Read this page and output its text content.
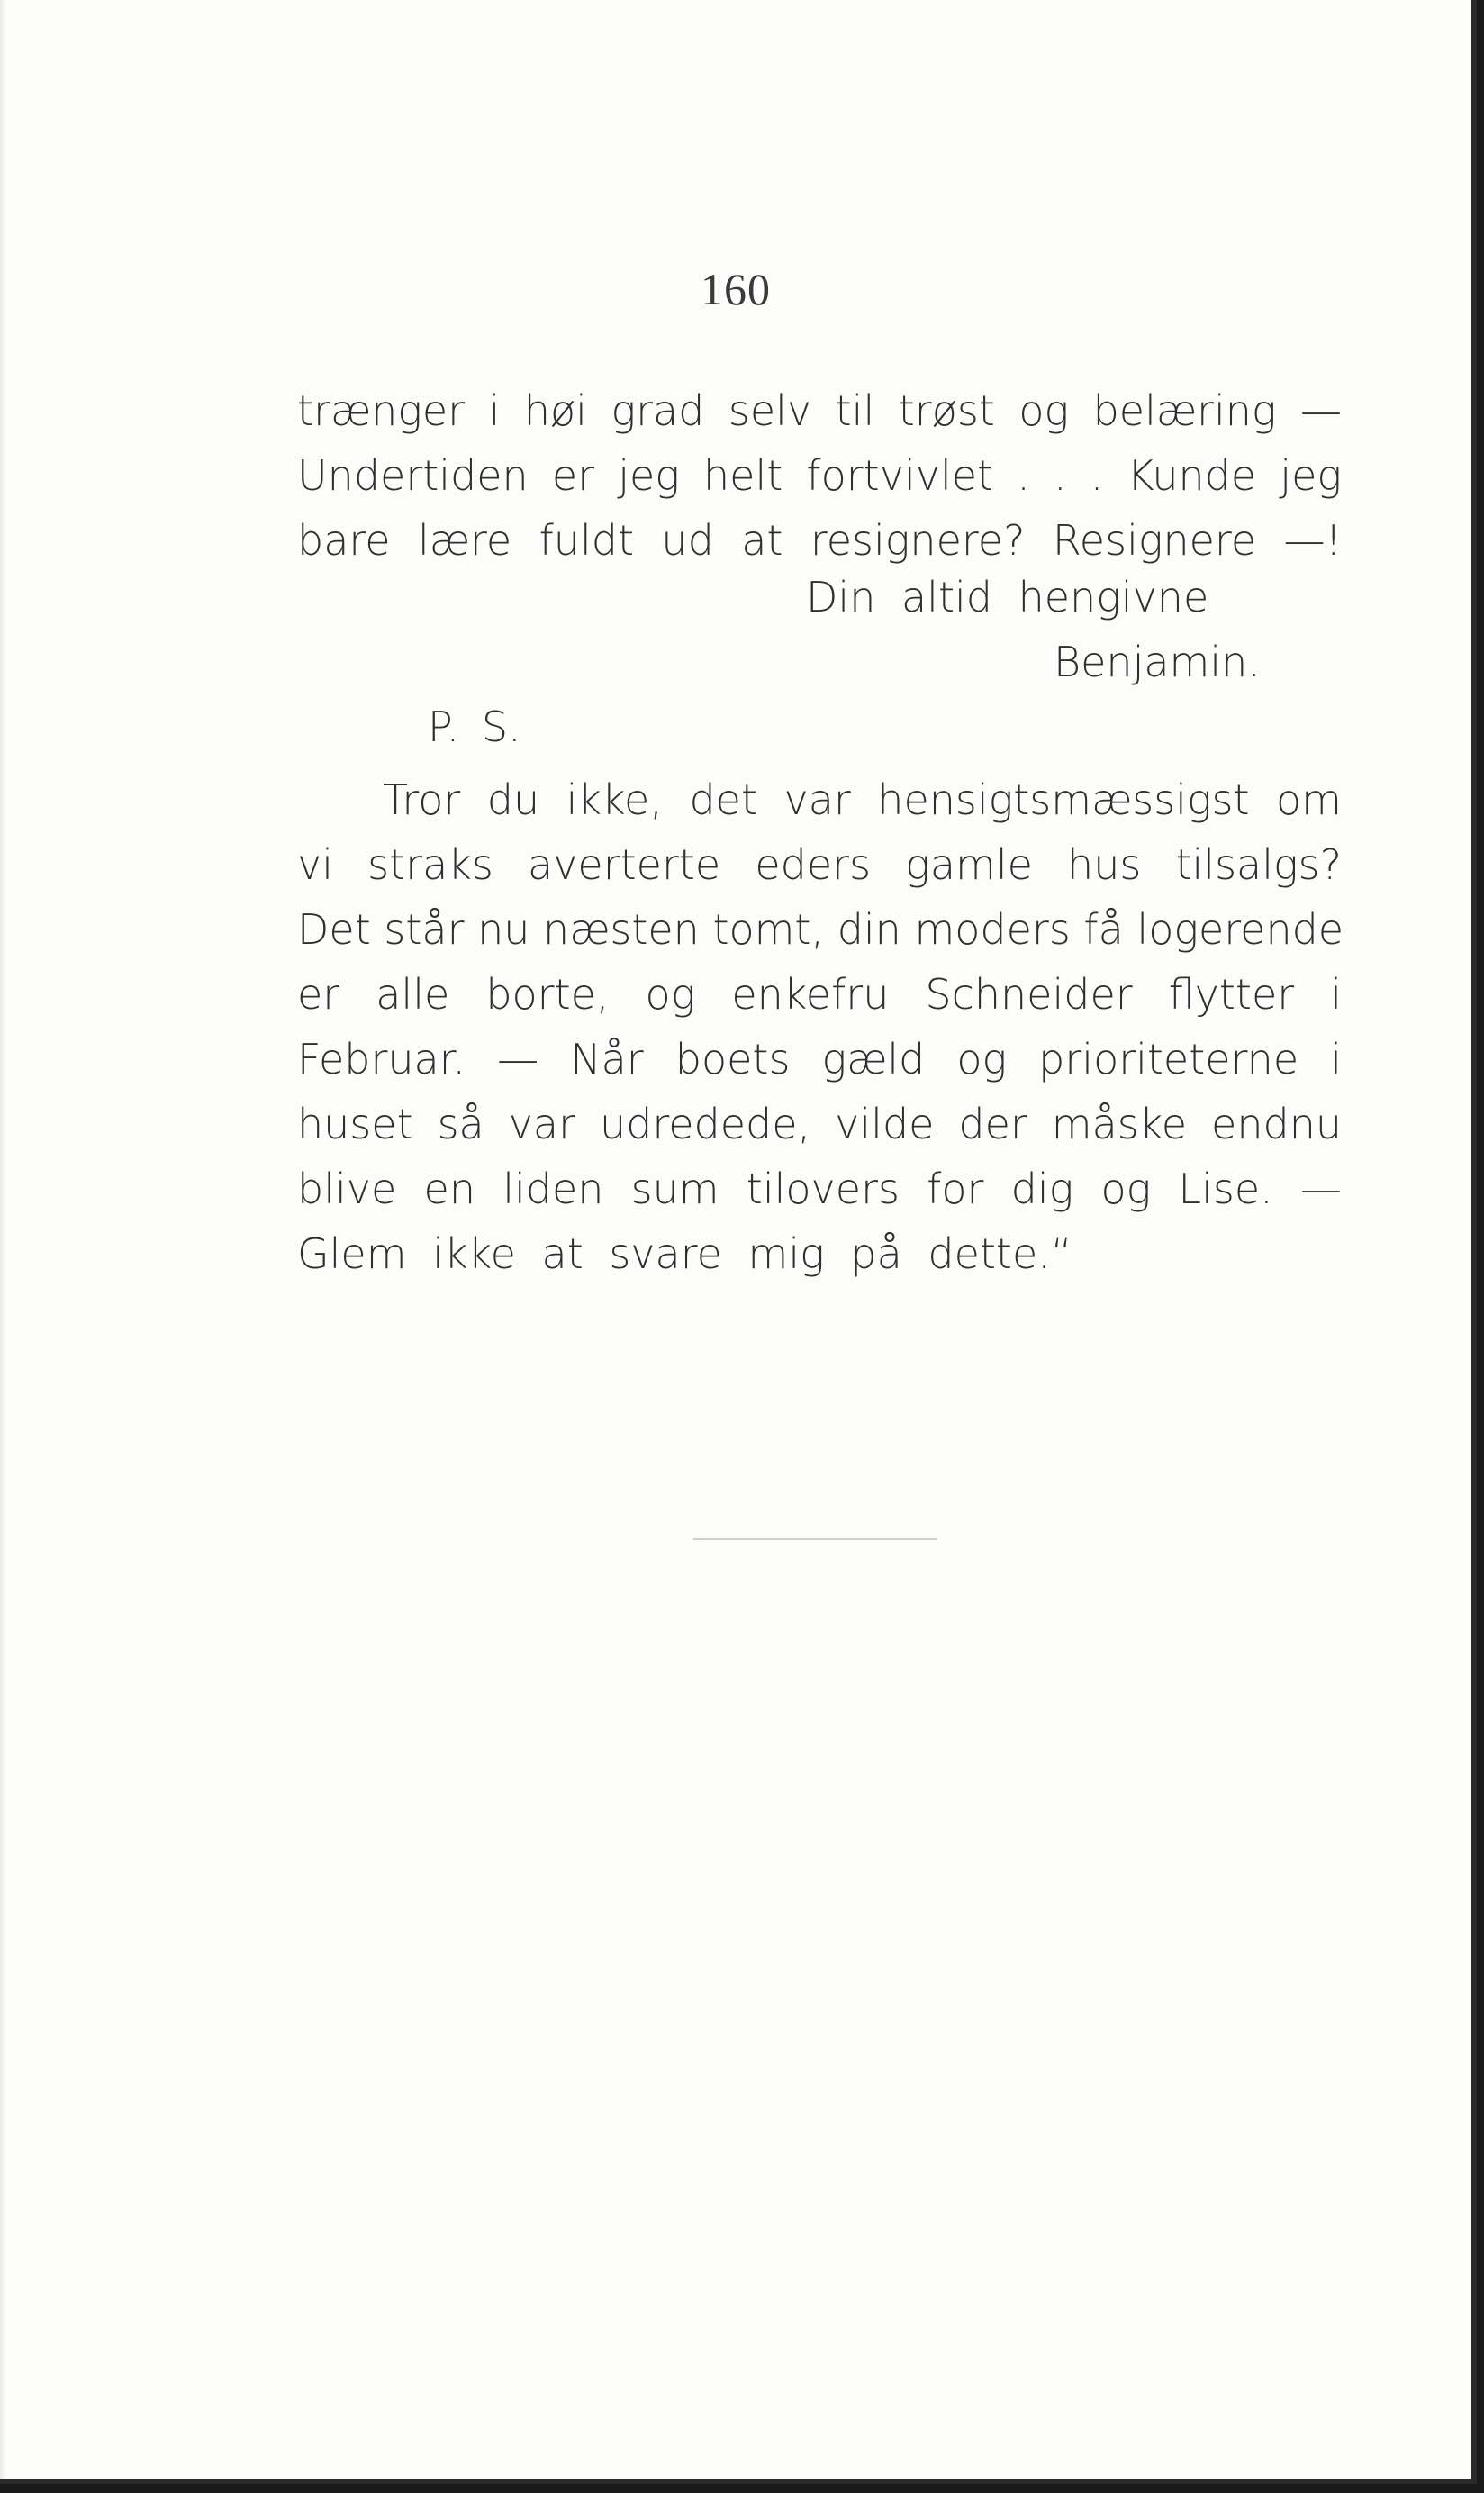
160
trænger i høi grad selv til trøst og belæring —
Undertiden er jeg helt fortvivlet . . . Kunde jeg
bare lære fuldt ud at resignere? Resignere —!
Din altid hengivne
Benjamin.
P. S.
Tror du ikke, det var hensigtsmæssigst om
vi straks averterte eders gamle hus tilsalgs?
Det står nu næsten tomt, din moders få logerende
er alle borte, og enkefru Schneider flytter i
Februar. — Når boets gæld og prioriteterne i
huset så var udredede, vilde der måske endnu
blive en liden sum tilovers for dig og Lise. —
Glem ikke at svare mig på dette.“
